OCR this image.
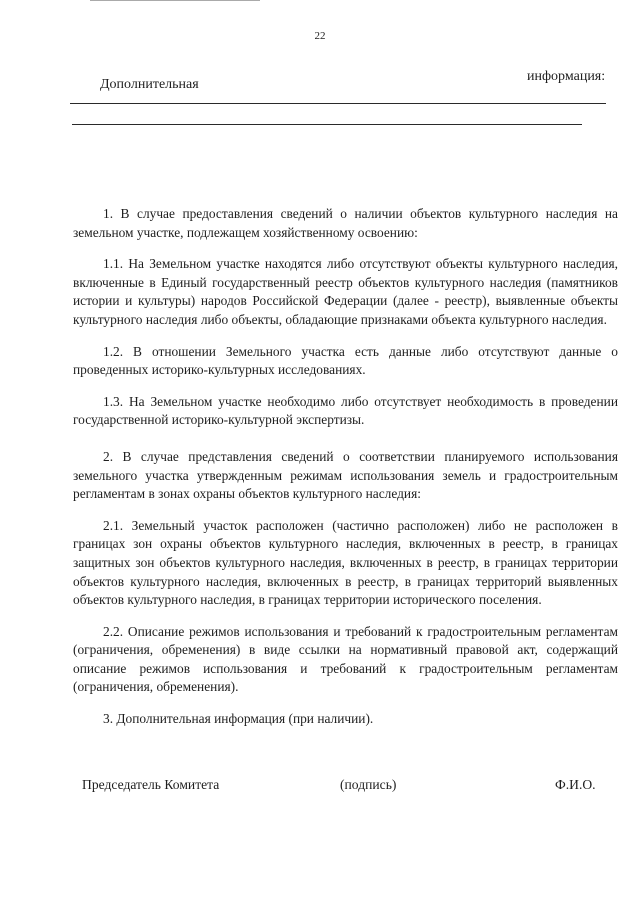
22
Дополнительная
информация:

1. В случае предоставления сведений о наличии объектов культурного наследия на земельном участке, подлежащем хозяйственному освоению:

1.1. На Земельном участке находятся либо отсутствуют объекты культурного наследия, включенные в Единый государственный реестр объектов культурного наследия (памятников истории и культуры) народов Российской Федерации (далее - реестр), выявленные объекты культурного наследия либо объекты, обладающие признаками объекта культурного наследия.

1.2. В отношении Земельного участка есть данные либо отсутствуют данные о проведенных историко-культурных исследованиях.

1.3. На Земельном участке необходимо либо отсутствует необходимость в проведении государственной историко-культурной экспертизы.

2. В случае представления сведений о соответствии планируемого использования земельного участка утвержденным режимам использования земель и градостроительным регламентам в зонах охраны объектов культурного наследия:

2.1. Земельный участок расположен (частично расположен) либо не расположен в границах зон охраны объектов культурного наследия, включенных в реестр, в границах защитных зон объектов культурного наследия, включенных в реестр, в границах территории объектов культурного наследия, включенных в реестр, в границах территорий выявленных объектов культурного наследия, в границах территории исторического поселения.

2.2. Описание режимов использования и требований к градостроительным регламентам (ограничения, обременения) в виде ссылки на нормативный правовой акт, содержащий описание режимов использования и требований к градостроительным регламентам (ограничения, обременения).

3. Дополнительная информация (при наличии).

Председатель Комитета	(подпись)	Ф.И.О.
